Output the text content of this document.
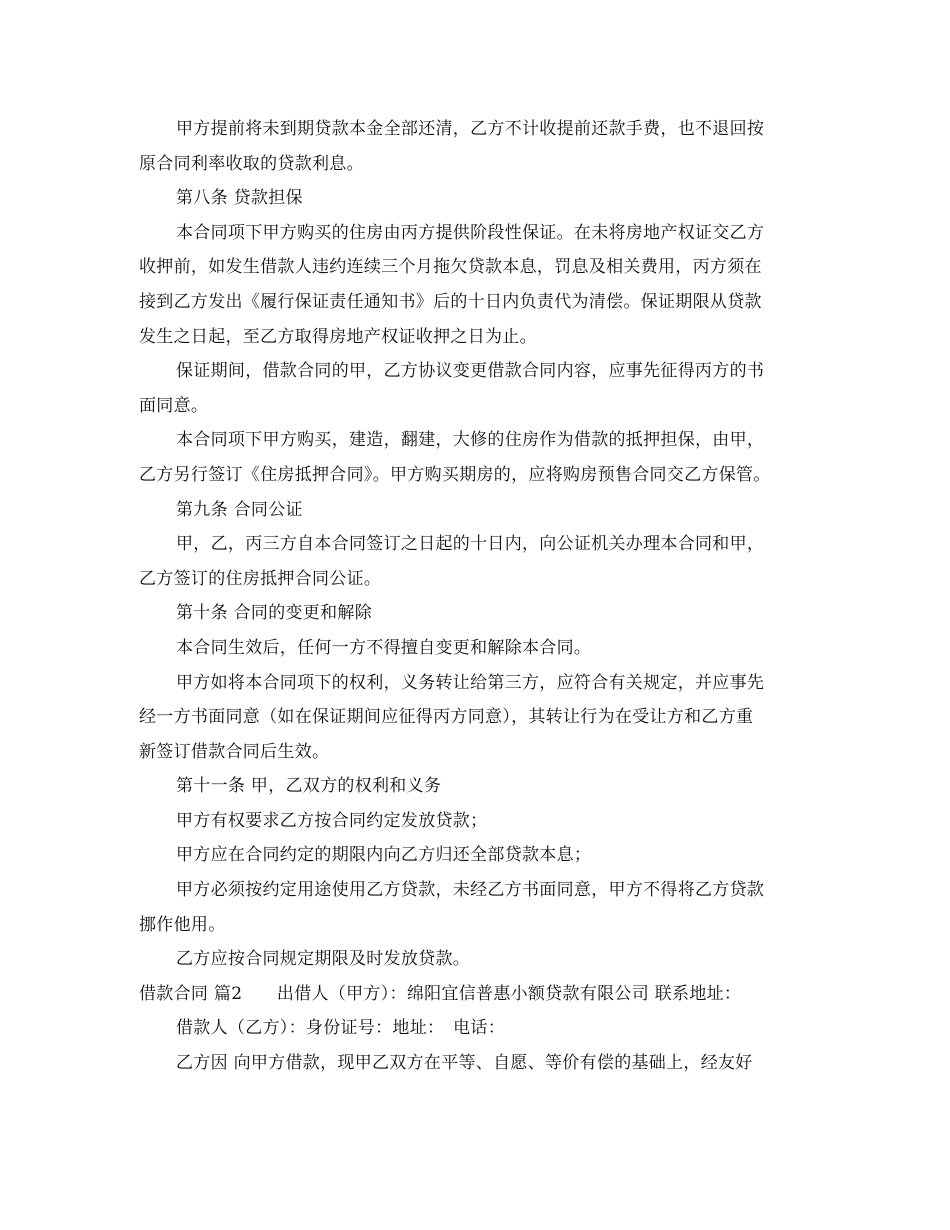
甲方提前将未到期贷款本金全部还清，乙方不计收提前还款手费，也不退回按
原合同利率收取的贷款利息。
第八条 贷款担保
本合同项下甲方购买的住房由丙方提供阶段性保证。在未将房地产权证交乙方
收押前，如发生借款人违约连续三个月拖欠贷款本息，罚息及相关费用，丙方须在
接到乙方发出《履行保证责任通知书》后的十日内负责代为清偿。保证期限从贷款
发生之日起，至乙方取得房地产权证收押之日为止。
保证期间，借款合同的甲，乙方协议变更借款合同内容，应事先征得丙方的书
面同意。
本合同项下甲方购买，建造，翻建，大修的住房作为借款的抵押担保，由甲，
乙方另行签订《住房抵押合同》。甲方购买期房的，应将购房预售合同交乙方保管。
第九条 合同公证
甲，乙，丙三方自本合同签订之日起的十日内，向公证机关办理本合同和甲，
乙方签订的住房抵押合同公证。
第十条 合同的变更和解除
本合同生效后，任何一方不得擅自变更和解除本合同。
甲方如将本合同项下的权利，义务转让给第三方，应符合有关规定，并应事先
经一方书面同意（如在保证期间应征得丙方同意），其转让行为在受让方和乙方重
新签订借款合同后生效。
第十一条 甲，乙双方的权利和义务
甲方有权要求乙方按合同约定发放贷款；
甲方应在合同约定的期限内向乙方归还全部贷款本息；
甲方必须按约定用途使用乙方贷款，未经乙方书面同意，甲方不得将乙方贷款
挪作他用。
乙方应按合同规定期限及时发放贷款。
借款合同 篇2　　出借人（甲方）：绵阳宜信普惠小额贷款有限公司 联系地址：
借款人（乙方）：身份证号：地址：　电话：
乙方因 向甲方借款，现甲乙双方在平等、自愿、等价有偿的基础上，经友好
